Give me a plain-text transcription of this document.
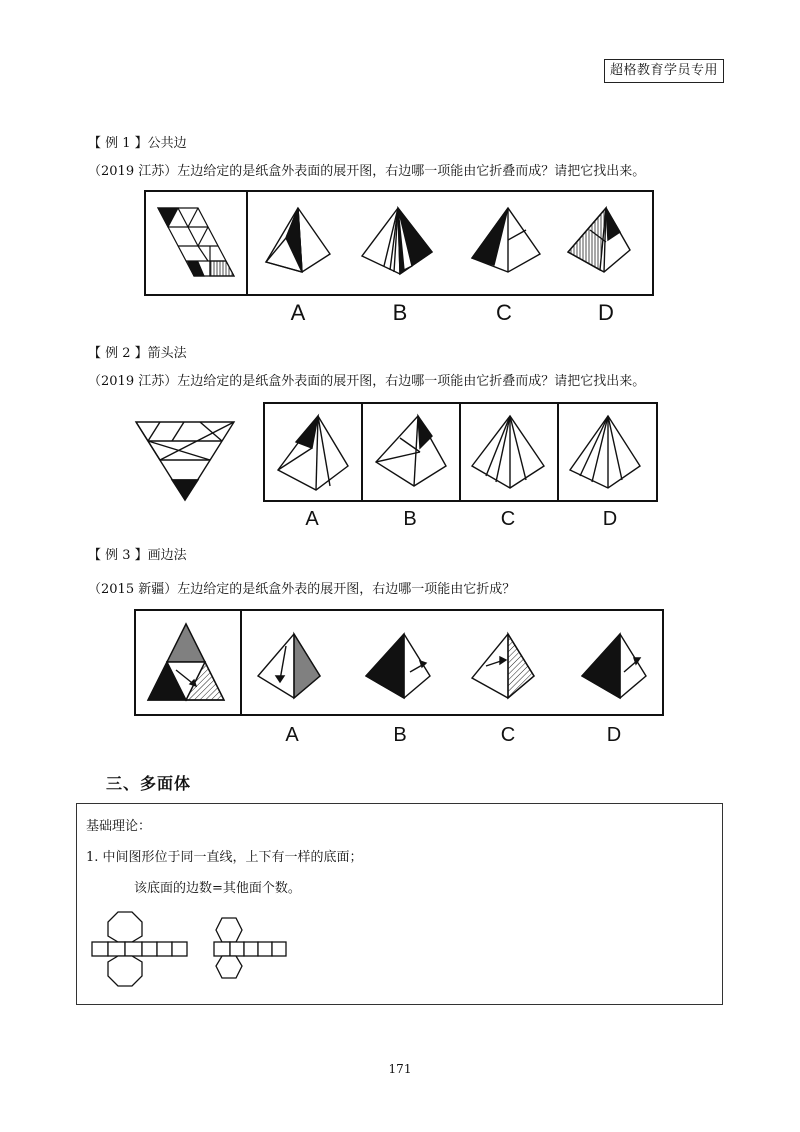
超格教育学员专用
【 例 1 】公共边
（2019 江苏）左边给定的是纸盒外表面的展开图，右边哪一项能由它折叠而成？请把它找出来。
A	B	C	D
【 例 2 】箭头法
（2019 江苏）左边给定的是纸盒外表面的展开图，右边哪一项能由它折叠而成？请把它找出来。
A	B	C	D
【 例 3 】画边法
（2015 新疆）左边给定的是纸盒外表的展开图，右边哪一项能由它折成？
A	B	C	D
三、多面体
基础理论：
1. 中间图形位于同一直线，上下有一样的底面；
该底面的边数=其他面个数。
171
